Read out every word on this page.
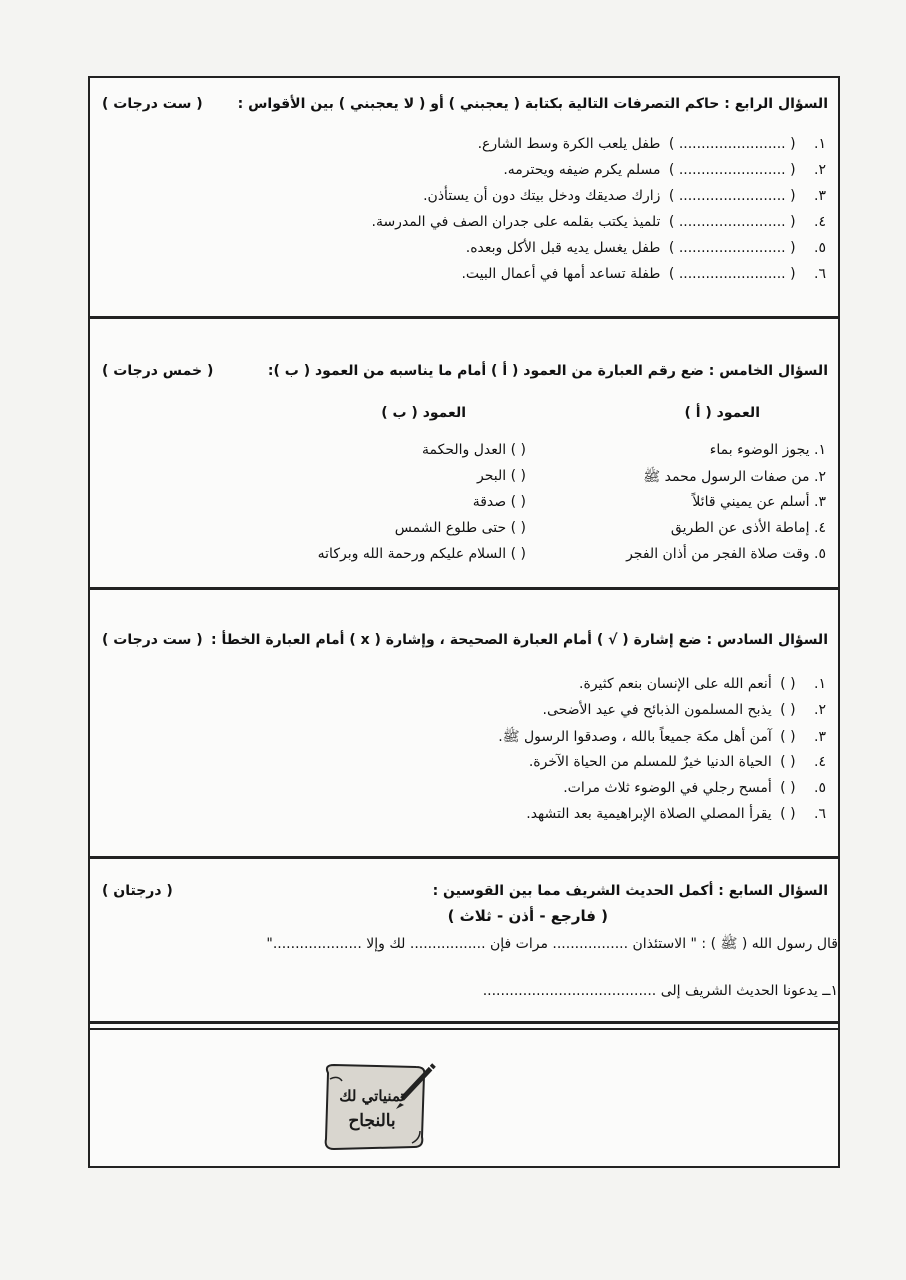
السؤال الرابع : حاكم التصرفات التالية بكتابة ( يعجبني ) أو ( لا يعجبني ) بين الأقواس :
( ست درجات )
١. ( ........................ ) طفل يلعب الكرة وسط الشارع.
٢. ( ........................ ) مسلم يكرم ضيفه ويحترمه.
٣. ( ........................ ) زارك صديقك ودخل بيتك دون أن يستأذن.
٤. ( ........................ ) تلميذ يكتب بقلمه على جدران الصف في المدرسة.
٥. ( ........................ ) طفل يغسل يديه قبل الأكل وبعده.
٦. ( ........................ ) طفلة تساعد أمها في أعمال البيت.
السؤال الخامس : ضع رقم العبارة من العمود ( أ ) أمام ما يناسبه من العمود ( ب ):
( خمس درجات )
العمود ( أ )
العمود ( ب )
١. يجوز الوضوء بماء
٢. من صفات الرسول محمد ﷺ
٣. أسلم عن يميني قائلاً
٤. إماطة الأذى عن الطريق
٥. وقت صلاة الفجر من أذان الفجر
( ) العدل والحكمة
( ) البحر
( ) صدقة
( ) حتى طلوع الشمس
( ) السلام عليكم ورحمة الله وبركاته
السؤال السادس : ضع إشارة ( √ ) أمام العبارة الصحيحة ، وإشارة ( x ) أمام العبارة الخطأ :
( ست درجات )
١. ( ) أنعم الله على الإنسان بنعم كثيرة.
٢. ( ) يذبح المسلمون الذبائح في عيد الأضحى.
٣. ( ) آمن أهل مكة جميعاً بالله ، وصدقوا الرسول ﷺ.
٤. ( ) الحياة الدنيا خيرٌ للمسلم من الحياة الآخرة.
٥. ( ) أمسح رجلي في الوضوء ثلاث مرات.
٦. ( ) يقرأ المصلي الصلاة الإبراهيمية بعد التشهد.
السؤال السابع : أكمل الحديث الشريف مما بين القوسين :
( درجتان )
( فارجع - أذن - ثلاث )
قال رسول الله ( ﷺ ) : " الاستئذان ................. مرات فإن ................. لك وإلا ...................."
١ــ يدعونا الحديث الشريف إلى .......................................
تمنياتي لك
بالنجاح
